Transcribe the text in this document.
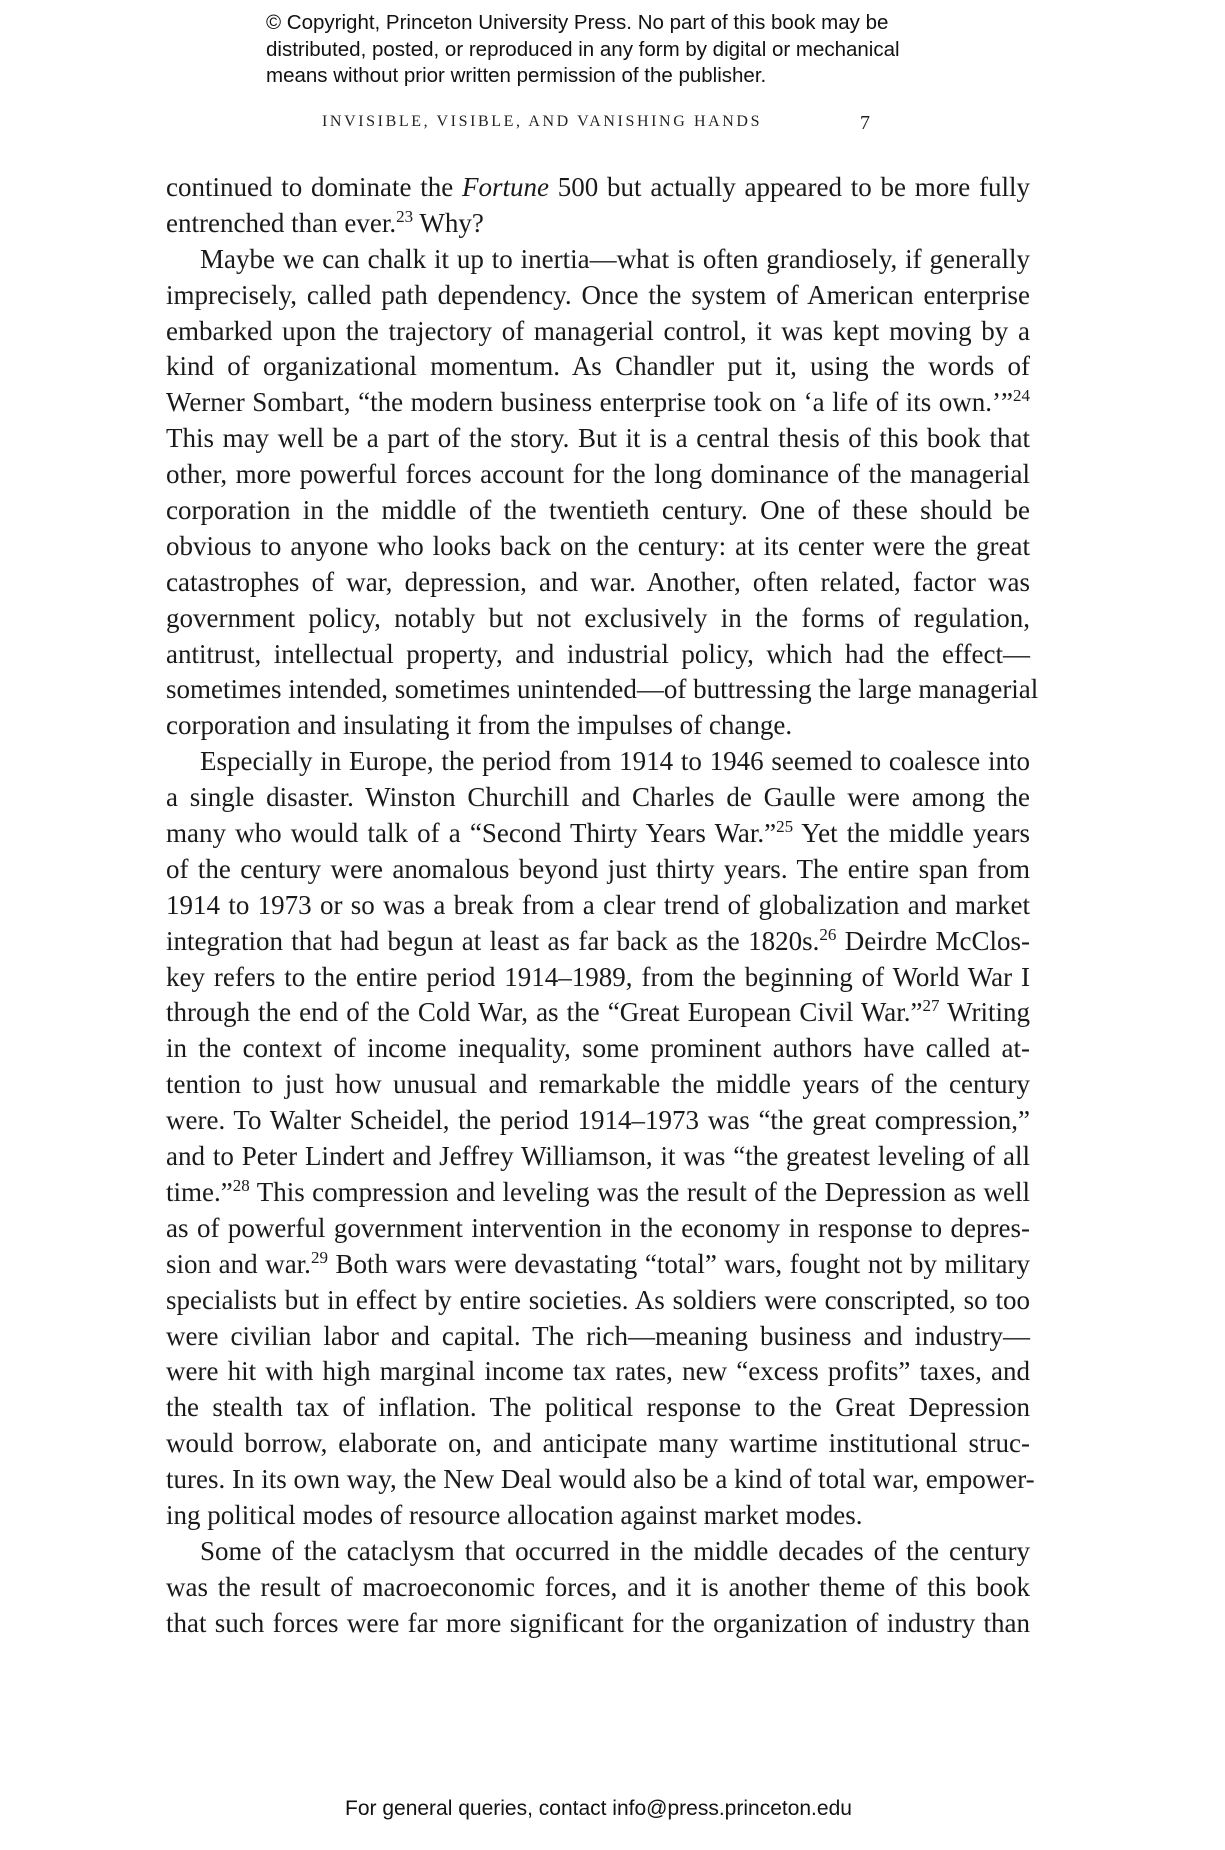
© Copyright, Princeton University Press. No part of this book may be
distributed, posted, or reproduced in any form by digital or mechanical
means without prior written permission of the publisher.
INVISIBLE, VISIBLE, AND VANISHING HANDS	7
continued to dominate the Fortune 500 but actually appeared to be more fully
entrenched than ever.$^{23}$ Why?
Maybe we can chalk it up to inertia—what is often grandiosely, if generally
imprecisely, called path dependency. Once the system of American enterprise
embarked upon the trajectory of managerial control, it was kept moving by a
kind of organizational momentum. As Chandler put it, using the words of
Werner Sombart, “the modern business enterprise took on ‘a life of its own.’”$^{24}$
This may well be a part of the story. But it is a central thesis of this book that
other, more powerful forces account for the long dominance of the managerial
corporation in the middle of the twentieth century. One of these should be
obvious to anyone who looks back on the century: at its center were the great
catastrophes of war, depression, and war. Another, often related, factor was
government policy, notably but not exclusively in the forms of regulation,
antitrust, intellectual property, and industrial policy, which had the effect—
sometimes intended, sometimes unintended—of buttressing the large managerial
corporation and insulating it from the impulses of change.
Especially in Europe, the period from 1914 to 1946 seemed to coalesce into
a single disaster. Winston Churchill and Charles de Gaulle were among the
many who would talk of a “Second Thirty Years War.”$^{25}$ Yet the middle years
of the century were anomalous beyond just thirty years. The entire span from
1914 to 1973 or so was a break from a clear trend of globalization and market
integration that had begun at least as far back as the 1820s.$^{26}$ Deirdre McClos-
key refers to the entire period 1914–1989, from the beginning of World War I
through the end of the Cold War, as the “Great European Civil War.”$^{27}$ Writing
in the context of income inequality, some prominent authors have called at-
tention to just how unusual and remarkable the middle years of the century
were. To Walter Scheidel, the period 1914–1973 was “the great compression,”
and to Peter Lindert and Jeffrey Williamson, it was “the greatest leveling of all
time.”$^{28}$ This compression and leveling was the result of the Depression as well
as of powerful government intervention in the economy in response to depres-
sion and war.$^{29}$ Both wars were devastating “total” wars, fought not by military
specialists but in effect by entire societies. As soldiers were conscripted, so too
were civilian labor and capital. The rich—meaning business and industry—
were hit with high marginal income tax rates, new “excess profits” taxes, and
the stealth tax of inflation. The political response to the Great Depression
would borrow, elaborate on, and anticipate many wartime institutional struc-
tures. In its own way, the New Deal would also be a kind of total war, empower-
ing political modes of resource allocation against market modes.
Some of the cataclysm that occurred in the middle decades of the century
was the result of macroeconomic forces, and it is another theme of this book
that such forces were far more significant for the organization of industry than
For general queries, contact info@press.princeton.edu
